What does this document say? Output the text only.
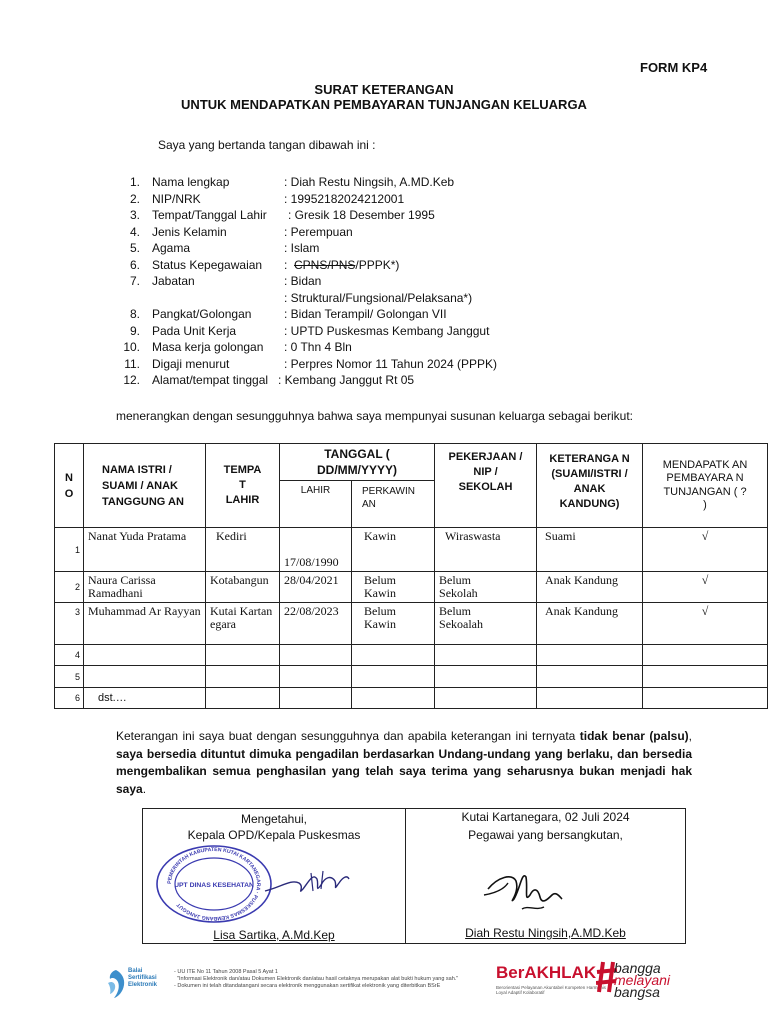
FORM KP4
SURAT KETERANGAN
UNTUK MENDAPATKAN PEMBAYARAN TUNJANGAN KELUARGA
Saya yang bertanda tangan dibawah ini :
1. Nama lengkap	: Diah Restu Ningsih, A.MD.Keb
2. NIP/NRK	: 19952182024212001
3. Tempat/Tanggal Lahir : Gresik 18 Desember 1995
4. Jenis Kelamin	: Perempuan
5. Agama	: Islam
6. Status Kepegawaian :  CPNS/PNS/PPPK*)
7. Jabatan	: Bidan
: Struktural/Fungsional/Pelaksana*)
8. Pangkat/Golongan	: Bidan Terampil/ Golongan VII
9. Pada Unit Kerja	: UPTD Puskesmas Kembang Janggut
10. Masa kerja golongan : 0 Thn 4 Bln
11. Digaji menurut	: Perpres Nomor 11 Tahun 2024 (PPPK)
12. Alamat/tempat tinggal : Kembang Janggut Rt 05
menerangkan dengan sesungguhnya bahwa saya mempunyai susunan keluarga sebagai berikut:
N O	NAMA ISTRI / SUAMI / ANAK TANGGUNG AN	TEMPA T LAHIR	TANGGAL ( DD/MM/YYYY)		PEKERJAAN / NIP / SEKOLAH	KETERANGA N (SUAMI/ISTRI / ANAK KANDUNG)	MENDAPATK AN PEMBAYARA N TUNJANGAN ( ? )
			LAHIR	PERKAWIN AN			
1	Nanat Yuda Pratama	Kediri	17/08/1990	Kawin	Wiraswasta	Suami	√
2	Naura Carissa Ramadhani	Kotabangun	28/04/2021	Belum Kawin	Belum Sekolah	Anak Kandung	√
3	Muhammad Ar Rayyan	Kutai Kartanegara	22/08/2023	Belum Kawin	Belum Sekoalah	Anak Kandung	√
4							
5							
6	dst.…						
Keterangan ini saya buat dengan sesungguhnya dan apabila keterangan ini ternyata tidak benar (palsu), saya bersedia dituntut dimuka pengadilan berdasarkan Undang-undang yang berlaku, dan bersedia mengembalikan semua penghasilan yang telah saya terima yang seharusnya bukan menjadi hak saya.
Mengetahui,
Kepala OPD/Kepala Puskesmas
PEMERINTAH KABUPATEN KUTAI KARTANEGARA · PUSKESMAS KEMBANG JANGGUT
UPT DINAS KESEHATAN
Kutai Kartanegara, 02 Juli 2024
Pegawai yang bersangkutan,
Lisa Sartika, A.Md.Kep	Diah Restu Ningsih,A.MD.Keb
Balai
Sertifikasi
Elektronik
- UU ITE No 11 Tahun 2008 Pasal 5 Ayat 1
"Informasi Elektronik dan/atau Dokumen Elektronik dan/atau hasil cetaknya merupakan alat bukti hukum yang sah."
- Dokumen ini telah ditandatangani secara elektronik menggunakan sertifikat elektronik yang diterbitkan BSrE
BerAKHLAK
Berorientasi Pelayanan Akuntabel Kompeten Harmonis Loyal Adaptif Kolaboratif
bangga
melayani
bangsa
